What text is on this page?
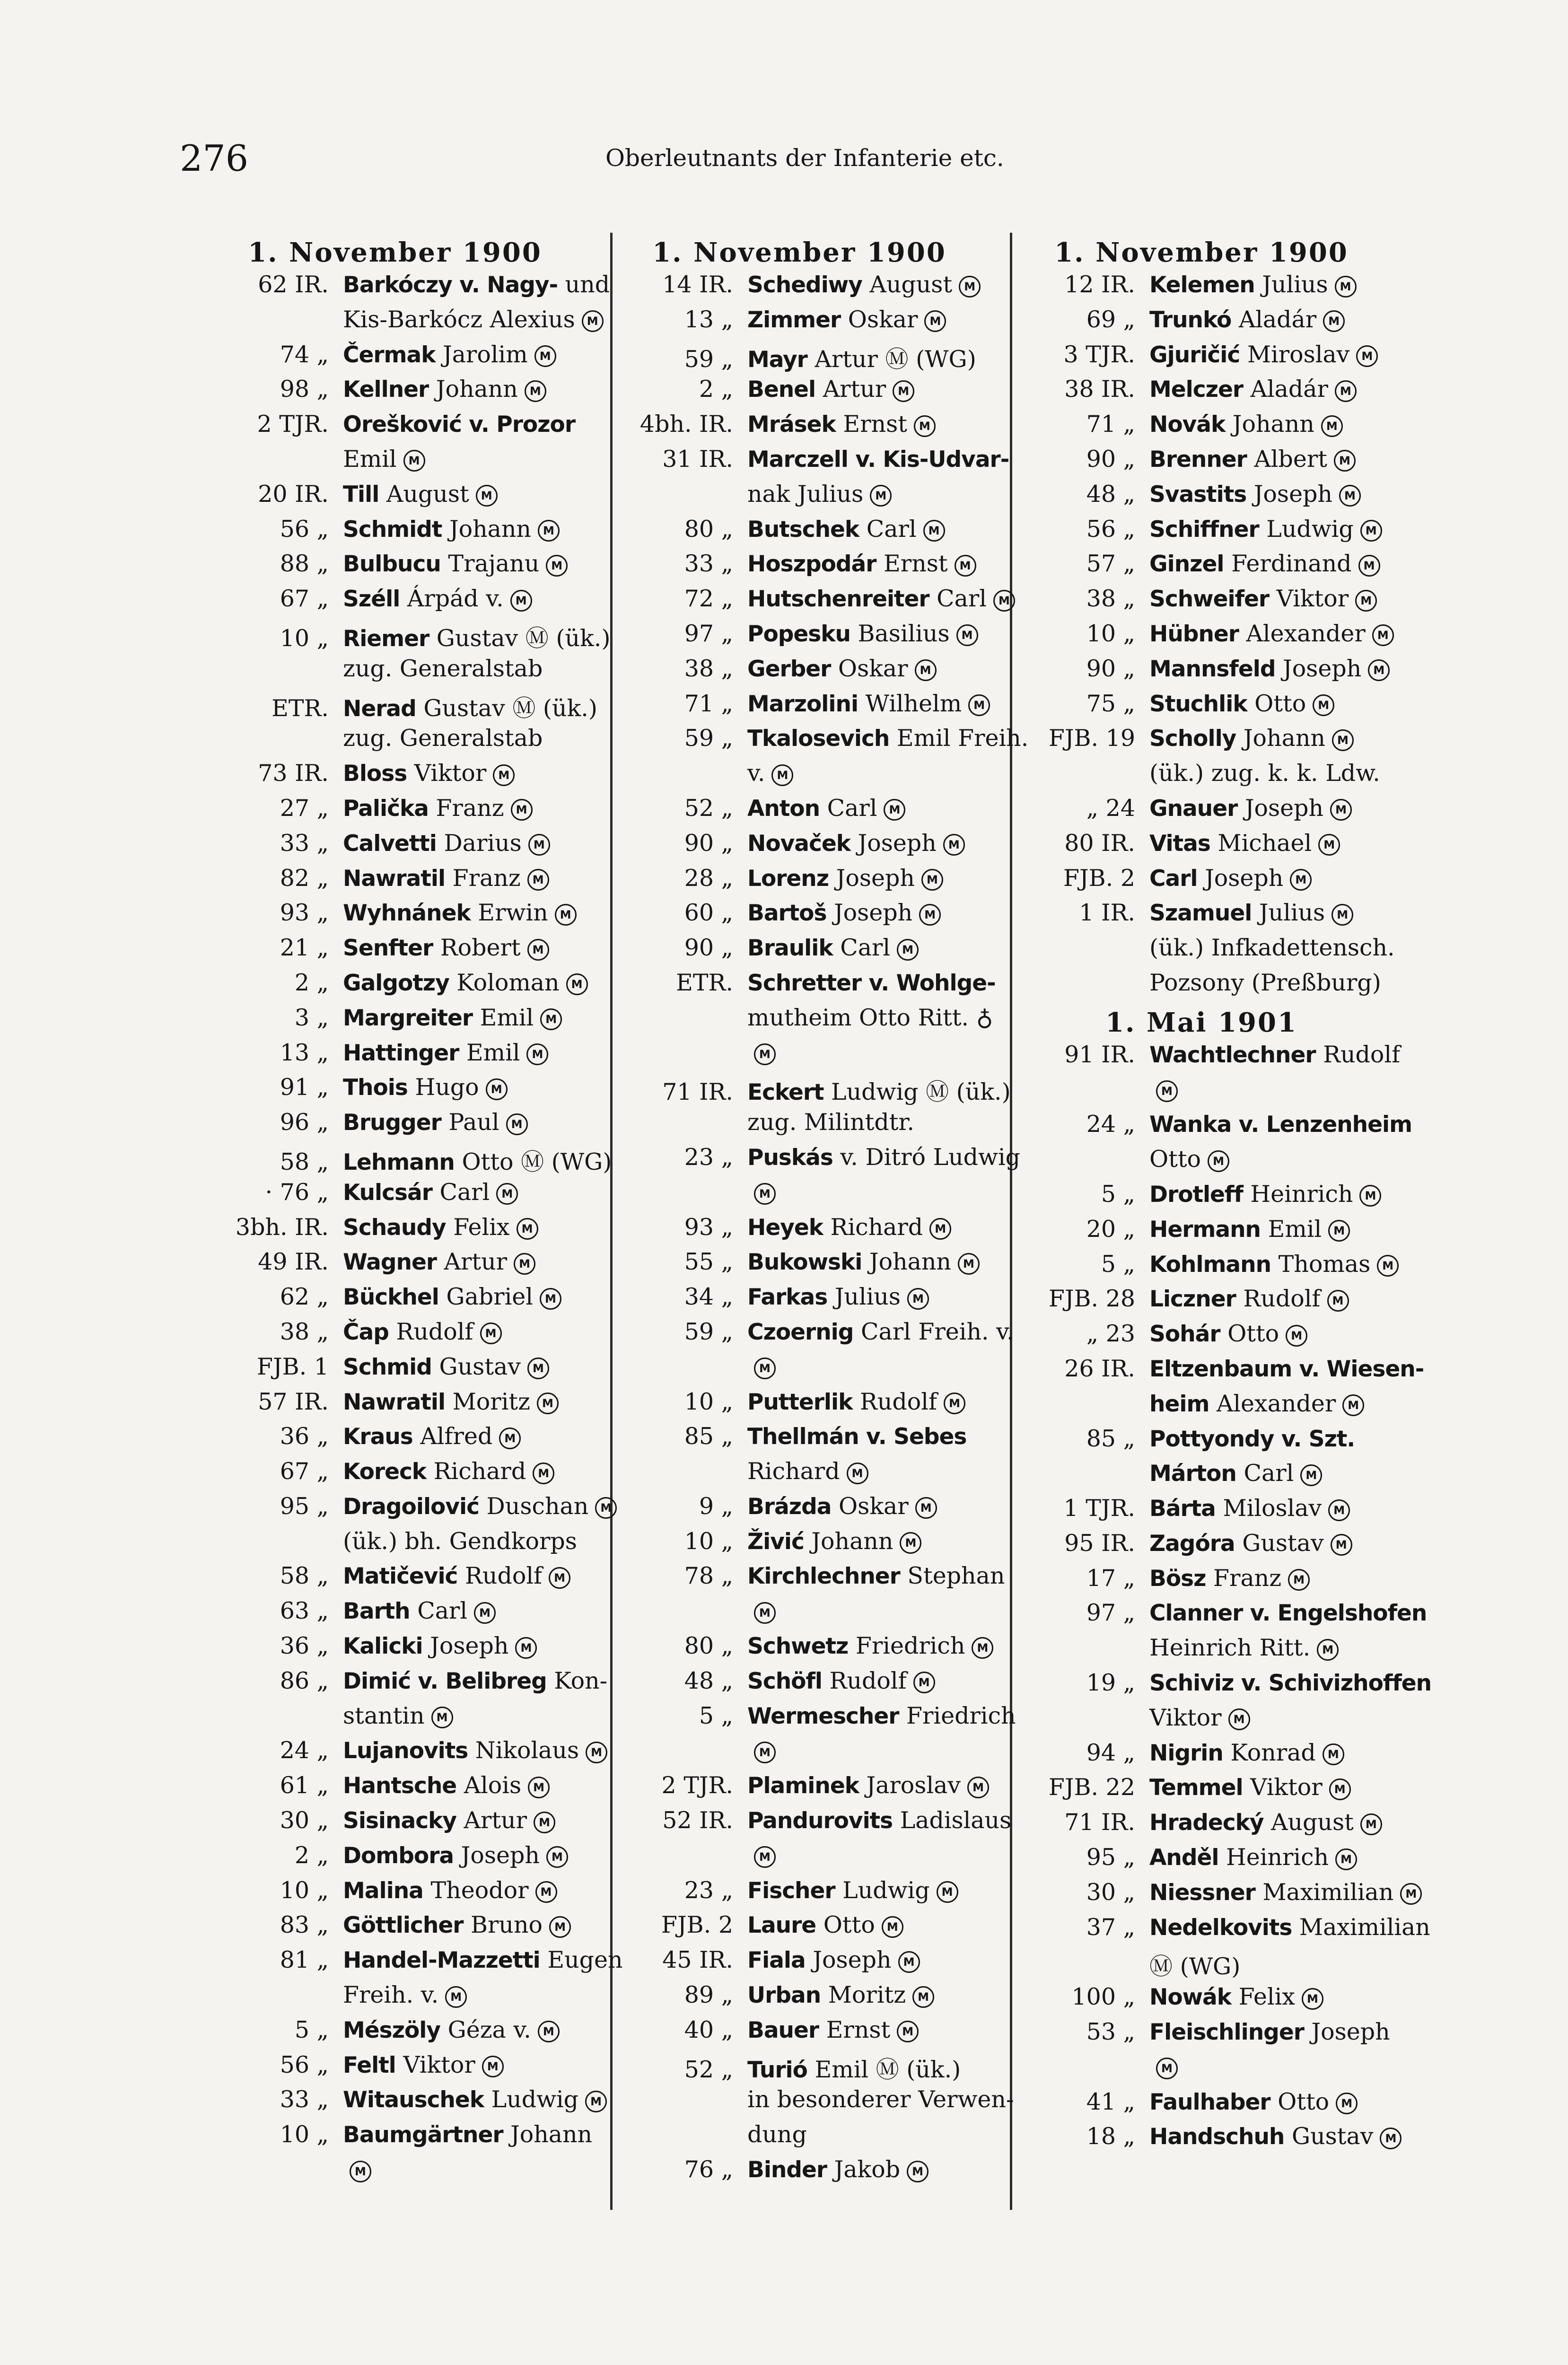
276	Oberleutnants der Infanterie etc.
1. November 1900
62 IR. Barkóczy v. Nagy- und
Kis-Barkócz Alexius M
74 „ Čermak Jarolim M
98 „ Kellner Johann M
2 TJR. Orešković v. Prozor
Emil M
20 IR. Till August M
56 „ Schmidt Johann M
88 „ Bulbucu Trajanu M
67 „ Széll Árpád v. M
10 „ Riemer Gustav Ⓜ (ük.)
zug. Generalstab
ETR. Nerad Gustav Ⓜ (ük.)
zug. Generalstab
73 IR. Bloss Viktor M
27 „ Palička Franz M
33 „ Calvetti Darius M
82 „ Nawratil Franz M
93 „ Wyhnánek Erwin M
21 „ Senfter Robert M
2 „ Galgotzy Koloman M
3 „ Margreiter Emil M
13 „ Hattinger Emil M
91 „ Thois Hugo M
96 „ Brugger Paul M
58 „ Lehmann Otto Ⓜ (WG)
· 76 „ Kulcsár Carl M
3bh. IR. Schaudy Felix M
49 IR. Wagner Artur M
62 „ Bückhel Gabriel M
38 „ Čap Rudolf M
FJB. 1 Schmid Gustav M
57 IR. Nawratil Moritz M
36 „ Kraus Alfred M
67 „ Koreck Richard M
95 „ Dragoilović Duschan M
(ük.) bh. Gendkorps
58 „ Matičević Rudolf M
63 „ Barth Carl M
36 „ Kalicki Joseph M
86 „ Dimić v. Belibreg Kon-
stantin M
24 „ Lujanovits Nikolaus M
61 „ Hantsche Alois M
30 „ Sisinacky Artur M
2 „ Dombora Joseph M
10 „ Malina Theodor M
83 „ Göttlicher Bruno M
81 „ Handel-Mazzetti Eugen
Freih. v. M
5 „ Mészöly Géza v. M
56 „ Feltl Viktor M
33 „ Witauschek Ludwig M
10 „ Baumgärtner Johann
M
1. November 1900
14 IR. Schediwy August M
13 „ Zimmer Oskar M
59 „ Mayr Artur Ⓜ (WG)
2 „ Benel Artur M
4bh. IR. Mrásek Ernst M
31 IR. Marczell v. Kis-Udvar-
nak Julius M
80 „ Butschek Carl M
33 „ Hoszpodár Ernst M
72 „ Hutschenreiter Carl M
97 „ Popesku Basilius M
38 „ Gerber Oskar M
71 „ Marzolini Wilhelm M
59 „ Tkalosevich Emil Freih.
v. M
52 „ Anton Carl M
90 „ Novaček Joseph M
28 „ Lorenz Joseph M
60 „ Bartoš Joseph M
90 „ Braulik Carl M
ETR. Schretter v. Wohlge-
mutheim Otto Ritt. ♁
M
71 IR. Eckert Ludwig Ⓜ (ük.)
zug. Milintdtr.
23 „ Puskás v. Ditró Ludwig
M
93 „ Heyek Richard M
55 „ Bukowski Johann M
34 „ Farkas Julius M
59 „ Czoernig Carl Freih. v.
M
10 „ Putterlik Rudolf M
85 „ Thellmán v. Sebes
Richard M
9 „ Brázda Oskar M
10 „ Živić Johann M
78 „ Kirchlechner Stephan
M
80 „ Schwetz Friedrich M
48 „ Schöfl Rudolf M
5 „ Wermescher Friedrich
M
2 TJR. Plaminek Jaroslav M
52 IR. Pandurovits Ladislaus
M
23 „ Fischer Ludwig M
FJB. 2 Laure Otto M
45 IR. Fiala Joseph M
89 „ Urban Moritz M
40 „ Bauer Ernst M
52 „ Turió Emil Ⓜ (ük.)
in besonderer Verwen-
dung
76 „ Binder Jakob M
1. November 1900
12 IR. Kelemen Julius M
69 „ Trunkó Aladár M
3 TJR. Gjuričić Miroslav M
38 IR. Melczer Aladár M
71 „ Novák Johann M
90 „ Brenner Albert M
48 „ Svastits Joseph M
56 „ Schiffner Ludwig M
57 „ Ginzel Ferdinand M
38 „ Schweifer Viktor M
10 „ Hübner Alexander M
90 „ Mannsfeld Joseph M
75 „ Stuchlik Otto M
FJB. 19 Scholly Johann M
(ük.) zug. k. k. Ldw.
„ 24 Gnauer Joseph M
80 IR. Vitas Michael M
FJB. 2 Carl Joseph M
1 IR. Szamuel Julius M
(ük.) Infkadettensch.
Pozsony (Preßburg)
1. Mai 1901
91 IR. Wachtlechner Rudolf
M
24 „ Wanka v. Lenzenheim
Otto M
5 „ Drotleff Heinrich M
20 „ Hermann Emil M
5 „ Kohlmann Thomas M
FJB. 28 Liczner Rudolf M
„ 23 Sohár Otto M
26 IR. Eltzenbaum v. Wiesen-
heim Alexander M
85 „ Pottyondy v. Szt.
Márton Carl M
1 TJR. Bárta Miloslav M
95 IR. Zagóra Gustav M
17 „ Bösz Franz M
97 „ Clanner v. Engelshofen
Heinrich Ritt. M
19 „ Schiviz v. Schivizhoffen
Viktor M
94 „ Nigrin Konrad M
FJB. 22 Temmel Viktor M
71 IR. Hradecký August M
95 „ Anděl Heinrich M
30 „ Niessner Maximilian M
37 „ Nedelkovits Maximilian
Ⓜ (WG)
100 „ Nowák Felix M
53 „ Fleischlinger Joseph
M
41 „ Faulhaber Otto M
18 „ Handschuh Gustav M
